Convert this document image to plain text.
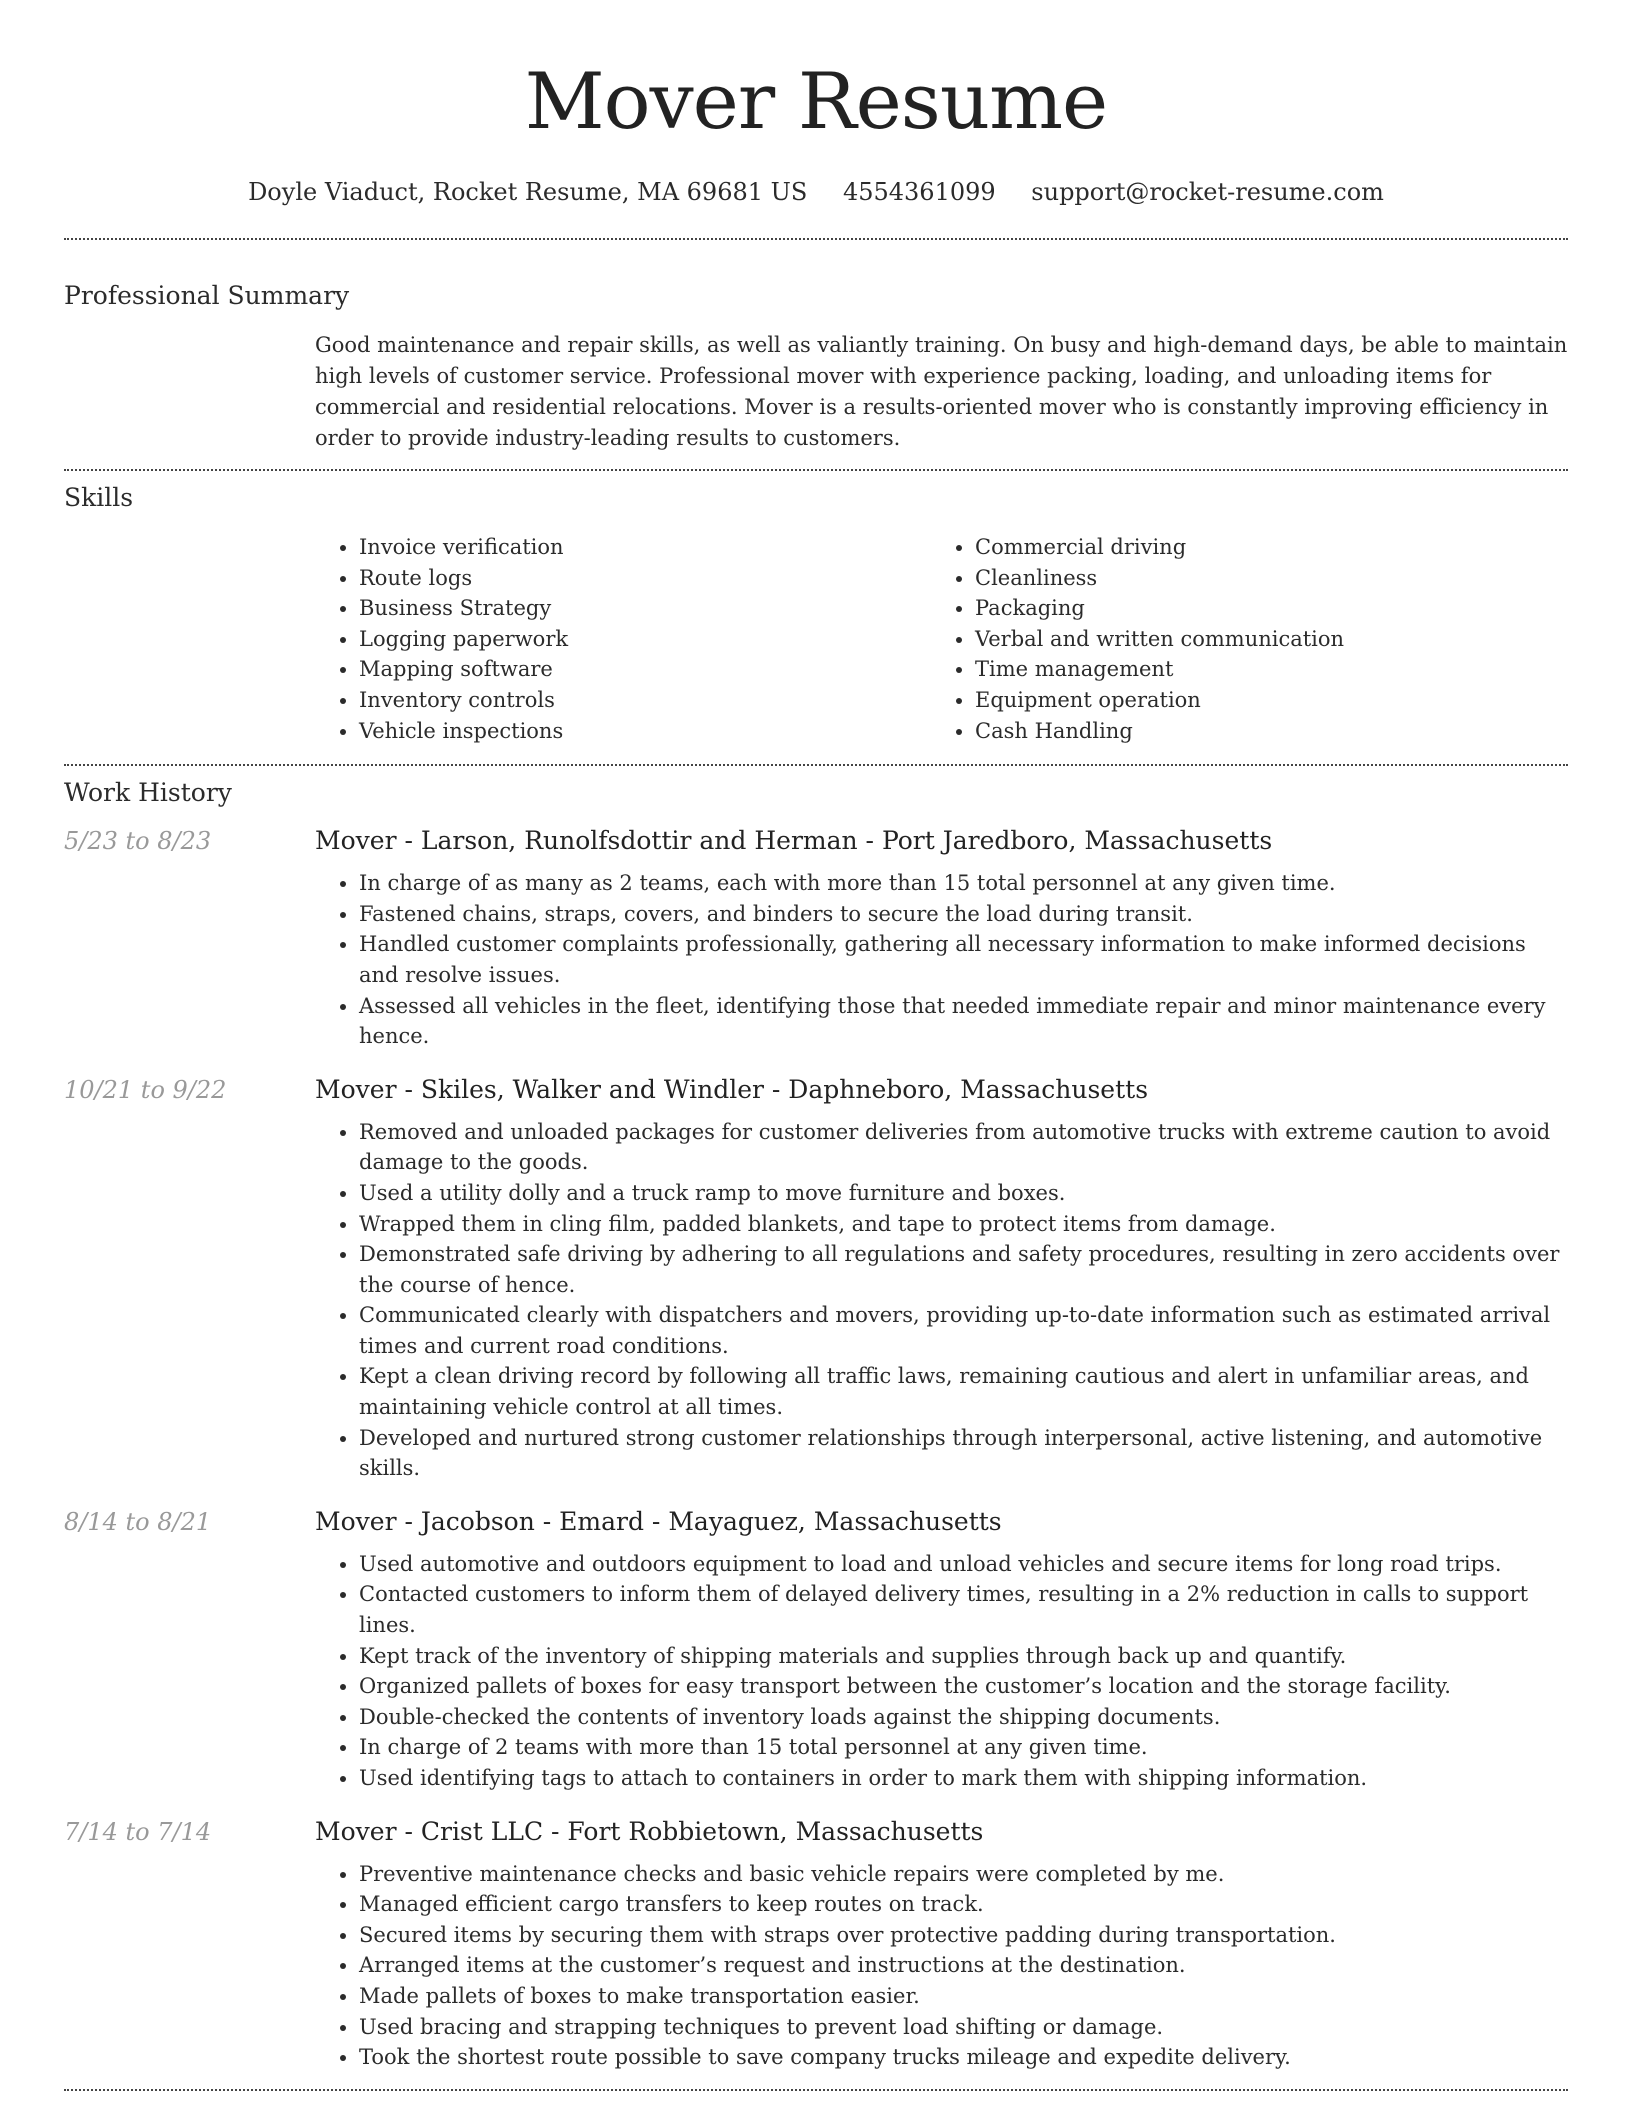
Mover Resume
Doyle Viaduct, Rocket Resume, MA 69681 US 4554361099 support@rocket-resume.com
Professional Summary

Good maintenance and repair skills, as well as valiantly training. On busy and high-demand days, be able to maintain high levels of customer service. Professional mover with experience packing, loading, and unloading items for commercial and residential relocations. Mover is a results-oriented mover who is constantly improving efficiency in order to provide industry-leading results to customers.

Skills
• Invoice verification
• Route logs
• Business Strategy
• Logging paperwork
• Mapping software
• Inventory controls
• Vehicle inspections
• Commercial driving
• Cleanliness
• Packaging
• Verbal and written communication
• Time management
• Equipment operation
• Cash Handling
Work History
5/23 to 8/23	Mover - Larson, Runolfsdottir and Herman - Port Jaredboro, Massachusetts
• In charge of as many as 2 teams, each with more than 15 total personnel at any given time.
• Fastened chains, straps, covers, and binders to secure the load during transit.
• Handled customer complaints professionally, gathering all necessary information to make informed decisions and resolve issues.
• Assessed all vehicles in the fleet, identifying those that needed immediate repair and minor maintenance every hence.
10/21 to 9/22	Mover - Skiles, Walker and Windler - Daphneboro, Massachusetts
• Removed and unloaded packages for customer deliveries from automotive trucks with extreme caution to avoid damage to the goods.
• Used a utility dolly and a truck ramp to move furniture and boxes.
• Wrapped them in cling film, padded blankets, and tape to protect items from damage.
• Demonstrated safe driving by adhering to all regulations and safety procedures, resulting in zero accidents over the course of hence.
• Communicated clearly with dispatchers and movers, providing up-to-date information such as estimated arrival times and current road conditions.
• Kept a clean driving record by following all traffic laws, remaining cautious and alert in unfamiliar areas, and maintaining vehicle control at all times.
• Developed and nurtured strong customer relationships through interpersonal, active listening, and automotive skills.
8/14 to 8/21	Mover - Jacobson - Emard - Mayaguez, Massachusetts
• Used automotive and outdoors equipment to load and unload vehicles and secure items for long road trips.
• Contacted customers to inform them of delayed delivery times, resulting in a 2% reduction in calls to support lines.
• Kept track of the inventory of shipping materials and supplies through back up and quantify.
• Organized pallets of boxes for easy transport between the customer’s location and the storage facility.
• Double-checked the contents of inventory loads against the shipping documents.
• In charge of 2 teams with more than 15 total personnel at any given time.
• Used identifying tags to attach to containers in order to mark them with shipping information.
7/14 to 7/14	Mover - Crist LLC - Fort Robbietown, Massachusetts
• Preventive maintenance checks and basic vehicle repairs were completed by me.
• Managed efficient cargo transfers to keep routes on track.
• Secured items by securing them with straps over protective padding during transportation.
• Arranged items at the customer’s request and instructions at the destination.
• Made pallets of boxes to make transportation easier.
• Used bracing and strapping techniques to prevent load shifting or damage.
• Took the shortest route possible to save company trucks mileage and expedite delivery.
